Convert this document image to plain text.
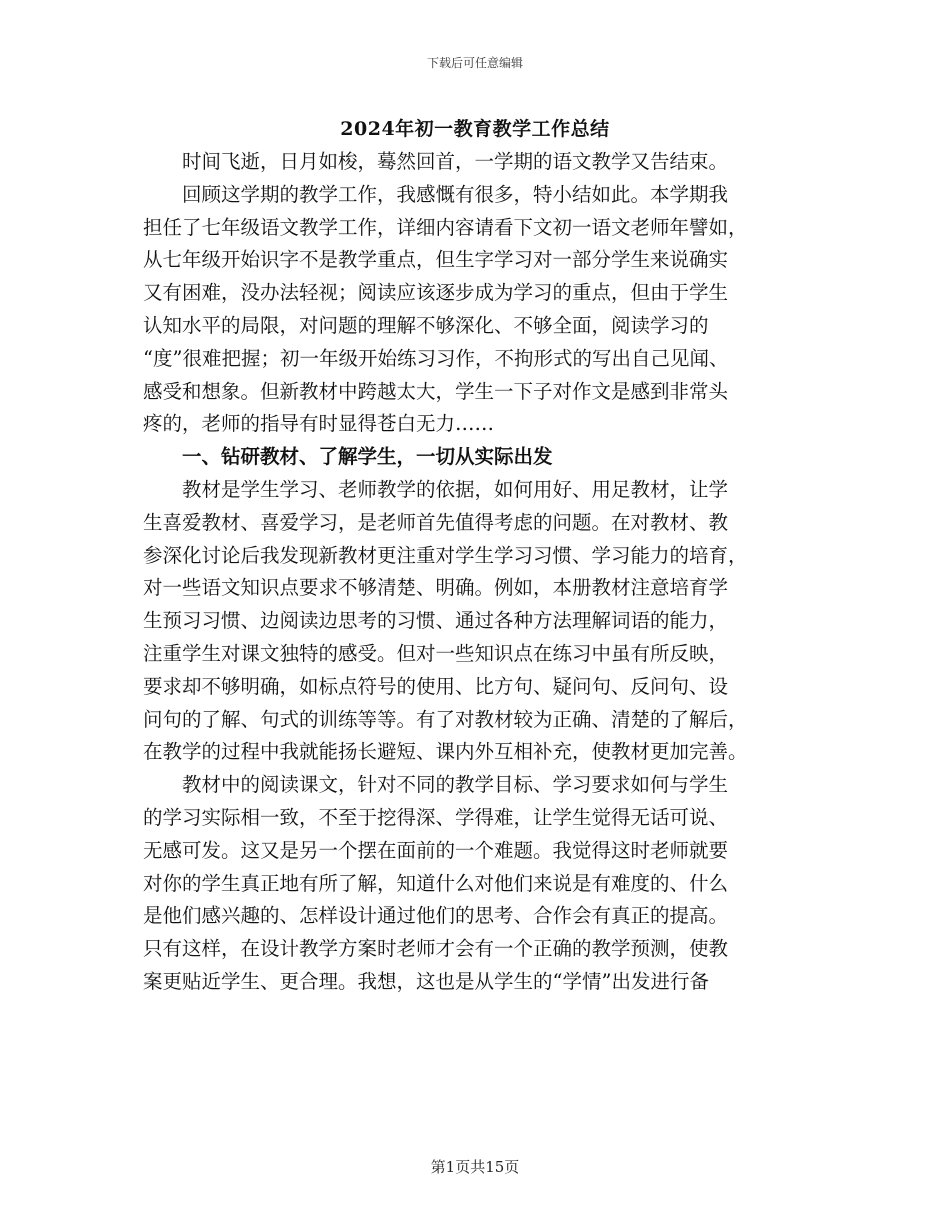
下载后可任意编辑
2024年初一教育教学工作总结
时间飞逝，日月如梭，蓦然回首，一学期的语文教学又告结束。
回顾这学期的教学工作，我感慨有很多，特小结如此。本学期我
担任了七年级语文教学工作，详细内容请看下文初一语文老师年譬如，
从七年级开始识字不是教学重点，但生字学习对一部分学生来说确实
又有困难，没办法轻视；阅读应该逐步成为学习的重点，但由于学生
认知水平的局限，对问题的理解不够深化、不够全面，阅读学习的
“度”很难把握；初一年级开始练习习作，不拘形式的写出自己见闻、
感受和想象。但新教材中跨越太大，学生一下子对作文是感到非常头
疼的，老师的指导有时显得苍白无力……
一、钻研教材、了解学生，一切从实际出发
教材是学生学习、老师教学的依据，如何用好、用足教材，让学
生喜爱教材、喜爱学习，是老师首先值得考虑的问题。在对教材、教
参深化讨论后我发现新教材更注重对学生学习习惯、学习能力的培育，
对一些语文知识点要求不够清楚、明确。例如，本册教材注意培育学
生预习习惯、边阅读边思考的习惯、通过各种方法理解词语的能力，
注重学生对课文独特的感受。但对一些知识点在练习中虽有所反映，
要求却不够明确，如标点符号的使用、比方句、疑问句、反问句、设
问句的了解、句式的训练等等。有了对教材较为正确、清楚的了解后，
在教学的过程中我就能扬长避短、课内外互相补充，使教材更加完善。
教材中的阅读课文，针对不同的教学目标、学习要求如何与学生
的学习实际相一致，不至于挖得深、学得难，让学生觉得无话可说、
无感可发。这又是另一个摆在面前的一个难题。我觉得这时老师就要
对你的学生真正地有所了解，知道什么对他们来说是有难度的、什么
是他们感兴趣的、怎样设计通过他们的思考、合作会有真正的提高。
只有这样，在设计教学方案时老师才会有一个正确的教学预测，使教
案更贴近学生、更合理。我想，这也是从学生的“学情”出发进行备
第1页共15页
